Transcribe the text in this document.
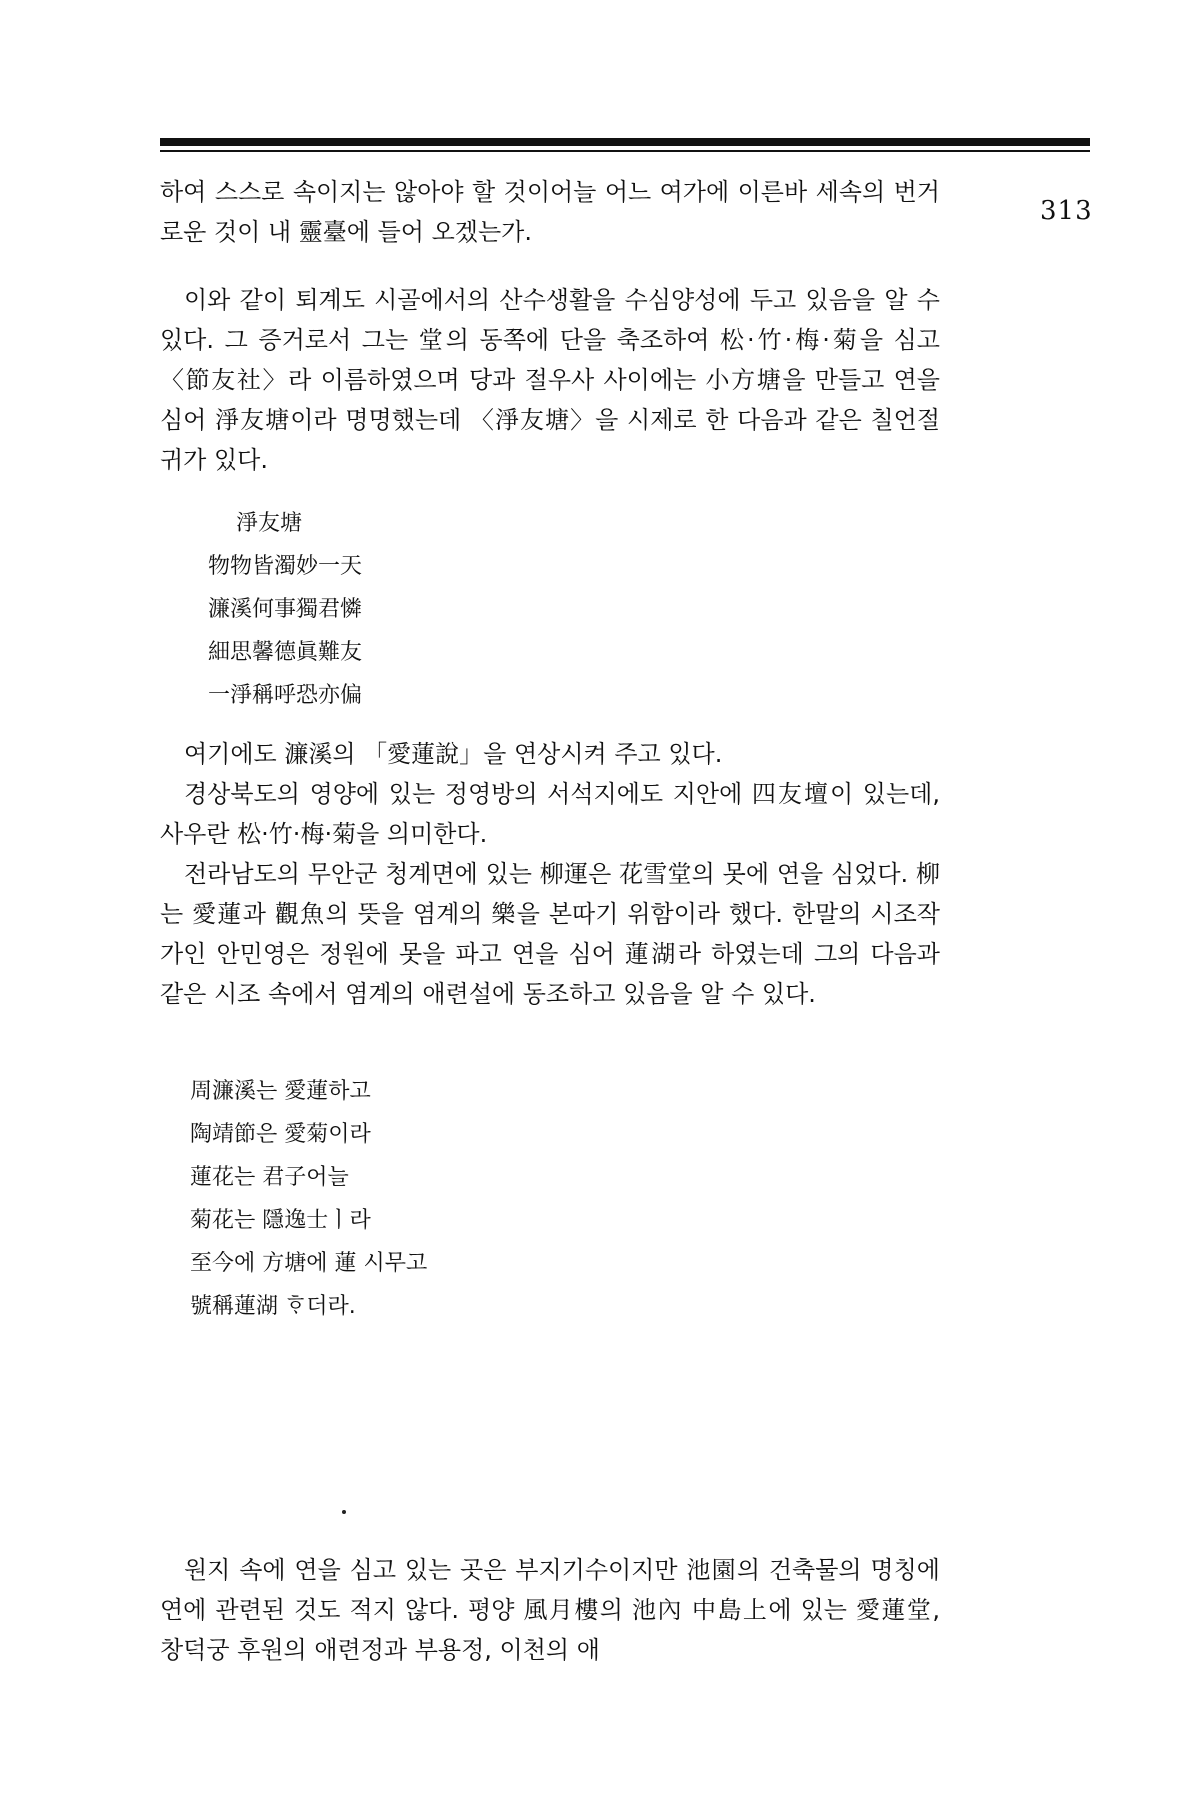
313

하여 스스로 속이지는 않아야 할 것이어늘 어느 여가에 이른바 세속의 번거로운 것이 내 靈臺에 들어 오겠는가.

이와 같이 퇴계도 시골에서의 산수생활을 수심양성에 두고 있음을 알 수 있다. 그 증거로서 그는 堂의 동쪽에 단을 축조하여 松·竹·梅·菊을 심고 〈節友社〉라 이름하였으며 당과 절우사 사이에는 小方塘을 만들고 연을 심어 淨友塘이라 명명했는데 〈淨友塘〉을 시제로 한 다음과 같은 칠언절귀가 있다.

淨友塘
物物皆濁妙一天
濂溪何事獨君憐
細思馨德眞難友
一淨稱呼恐亦偏

여기에도 濂溪의 「愛蓮說」을 연상시켜 주고 있다.

경상북도의 영양에 있는 정영방의 서석지에도 지안에 四友壇이 있는데, 사우란 松·竹·梅·菊을 의미한다.

전라남도의 무안군 청계면에 있는 柳運은 花雪堂의 못에 연을 심었다. 柳는 愛蓮과 觀魚의 뜻을 염계의 樂을 본따기 위함이라 했다. 한말의 시조작가인 안민영은 정원에 못을 파고 연을 심어 蓮湖라 하였는데 그의 다음과 같은 시조 속에서 염계의 애련설에 동조하고 있음을 알 수 있다.

周濂溪는 愛蓮하고
陶靖節은 愛菊이라
蓮花는 君子어늘
菊花는 隱逸士ㅣ라
至今에 方塘에 蓮 시무고
號稱蓮湖 ᄒᆞ더라.

원지 속에 연을 심고 있는 곳은 부지기수이지만 池園의 건축물의 명칭에 연에 관련된 것도 적지 않다. 평양 風月樓의 池內 中島上에 있는 愛蓮堂, 창덕궁 후원의 애련정과 부용정, 이천의 애
